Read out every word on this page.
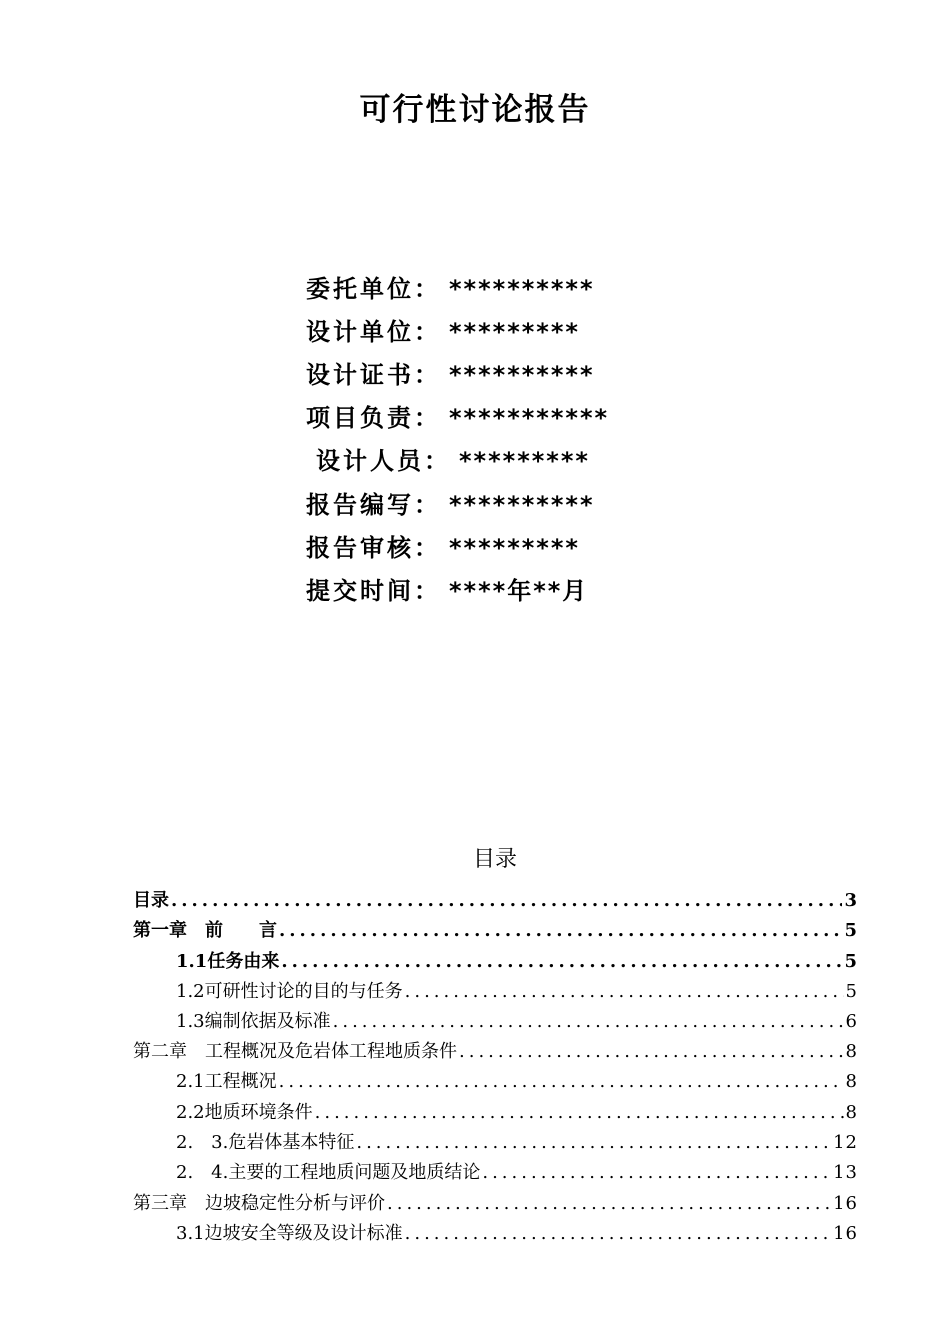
可行性讨论报告
委托单位： **********
设计单位： *********
设计证书： **********
项目负责： ***********
设计人员： *********
报告编写： **********
报告审核： *********
提交时间： ****年**月
目录
目录 .....	3
第一章　前　　言 .....	5
1.1任务由来 .....	5
1.2可研性讨论的目的与任务 .....	5
1.3编制依据及标准 .....	6
第二章　工程概况及危岩体工程地质条件 .....	8
2.1工程概况 .....	8
2.2地质环境条件 .....	8
2.　3.危岩体基本特征 .....	12
2.　4.主要的工程地质问题及地质结论 .....	13
第三章　边坡稳定性分析与评价 .....	16
3.1边坡安全等级及设计标准 .....	16
